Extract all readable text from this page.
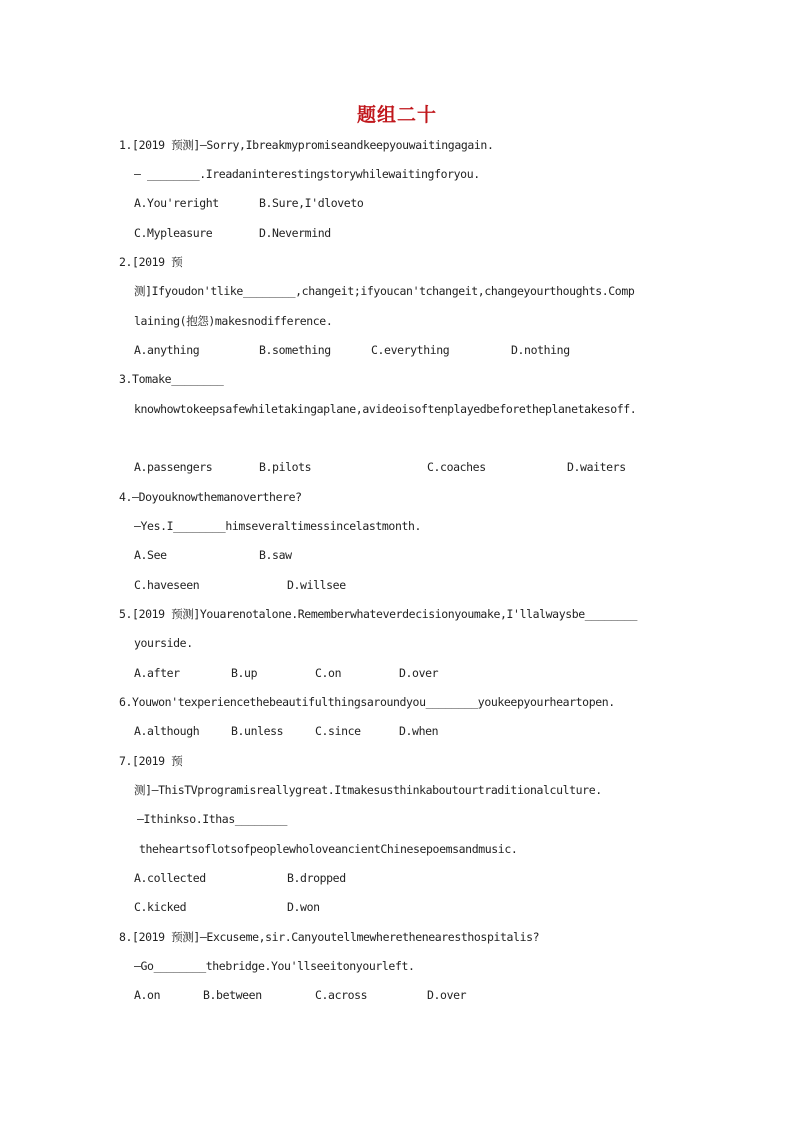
题组二十
1.[2019 预测]—Sorry,Ibreakmypromiseandkeepyouwaitingagain.
— ________.Ireadaninterestingstorywhilewaitingforyou.
A.You'reright	B.Sure,I'dloveto
C.Mypleasure	D.Nevermind
2.[2019 预
测]Ifyoudon'tlike________,changeit;ifyoucan'tchangeit,changeyourthoughts.Comp
laining(抱怨)makesnodifference.
A.anything	B.something	C.everything	D.nothing
3.Tomake________
knowhowtokeepsafewhiletakingaplane,avideoisoftenplayedbeforetheplanetakesoff.
A.passengers	B.pilots	C.coaches	D.waiters
4.—Doyouknowthemanoverthere?
—Yes.I________himseveraltimessincelastmonth.
A.See	B.saw
C.haveseen	D.willsee
5.[2019 预测]Youarenotalone.Rememberwhateverdecisionyoumake,I'llalwaysbe________
yourside.
A.after	B.up	C.on	D.over
6.Youwon'texperiencethebeautifulthingsaroundyou________youkeepyourheartopen.
A.although	B.unless	C.since	D.when
7.[2019 预
测]—ThisTVprogramisreallygreat.Itmakesusthinkaboutourtraditionalculture.
—Ithinkso.Ithas________
theheartsoflotsofpeoplewholoveancientChinesepoemsandmusic.
A.collected	B.dropped
C.kicked	D.won
8.[2019 预测]—Excuseme,sir.Canyoutellmewherethenearesthospitalis?
—Go________thebridge.You'llseeitonyourleft.
A.on	B.between	C.across	D.over
